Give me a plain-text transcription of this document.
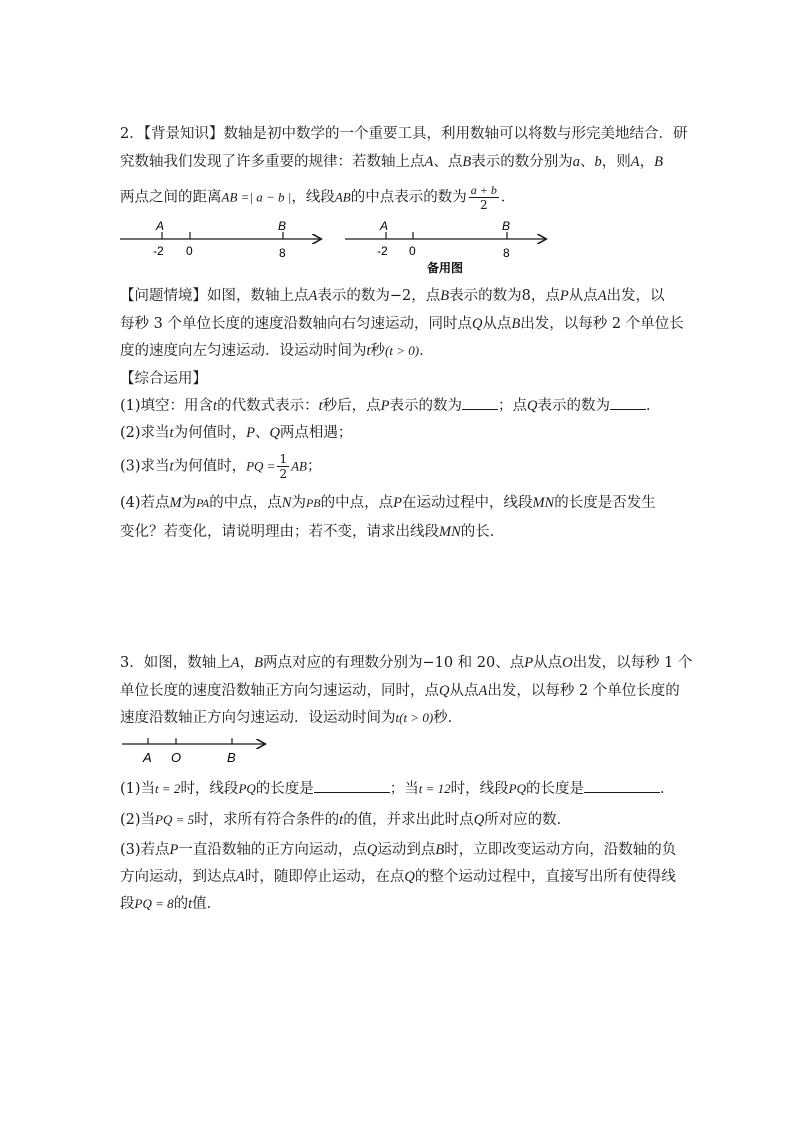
2．【背景知识】数轴是初中数学的一个重要工具，利用数轴可以将数与形完美地结合．研
究数轴我们发现了许多重要的规律：若数轴上点A、点B表示的数分别为a、b，则A，B
两点之间的距离AB =| a − b |，线段AB的中点表示的数为 $\frac{a + b}{2}$ ．
A	B
-2 0	8
A	B
-2 0	8
备用图
【问题情境】如图，数轴上点A表示的数为−2，点B表示的数为8，点P从点A出发，以
每秒 3 个单位长度的速度沿数轴向右匀速运动，同时点Q从点B出发，以每秒 2 个单位长
度的速度向左匀速运动．设运动时间为t秒(t > 0)．
【综合运用】
(1)填空：用含t的代数式表示：t秒后，点P表示的数为 ；点Q表示的数为 ．
(2)求当t为何值时，P、Q两点相遇；
(3)求当t为何值时，PQ = $\frac{1}{2}$ AB；
(4)若点M为PA的中点，点N为PB的中点，点P在运动过程中，线段MN的长度是否发生
变化？若变化，请说明理由；若不变，请求出线段MN的长．
3．如图，数轴上A，B两点对应的有理数分别为−10 和 20、点P从点O出发，以每秒 1 个
单位长度的速度沿数轴正方向匀速运动，同时，点Q从点A出发，以每秒 2 个单位长度的
速度沿数轴正方向匀速运动．设运动时间为t(t > 0)秒．
A O	B
(1)当t = 2时，线段PQ的长度是	；当t = 12时，线段PQ的长度是	．
(2)当PQ = 5时，求所有符合条件的t的值，并求出此时点Q所对应的数．
(3)若点P一直沿数轴的正方向运动，点Q运动到点B时，立即改变运动方向，沿数轴的负
方向运动，到达点A时，随即停止运动，在点Q的整个运动过程中，直接写出所有使得线
段PQ = 8的t值．
